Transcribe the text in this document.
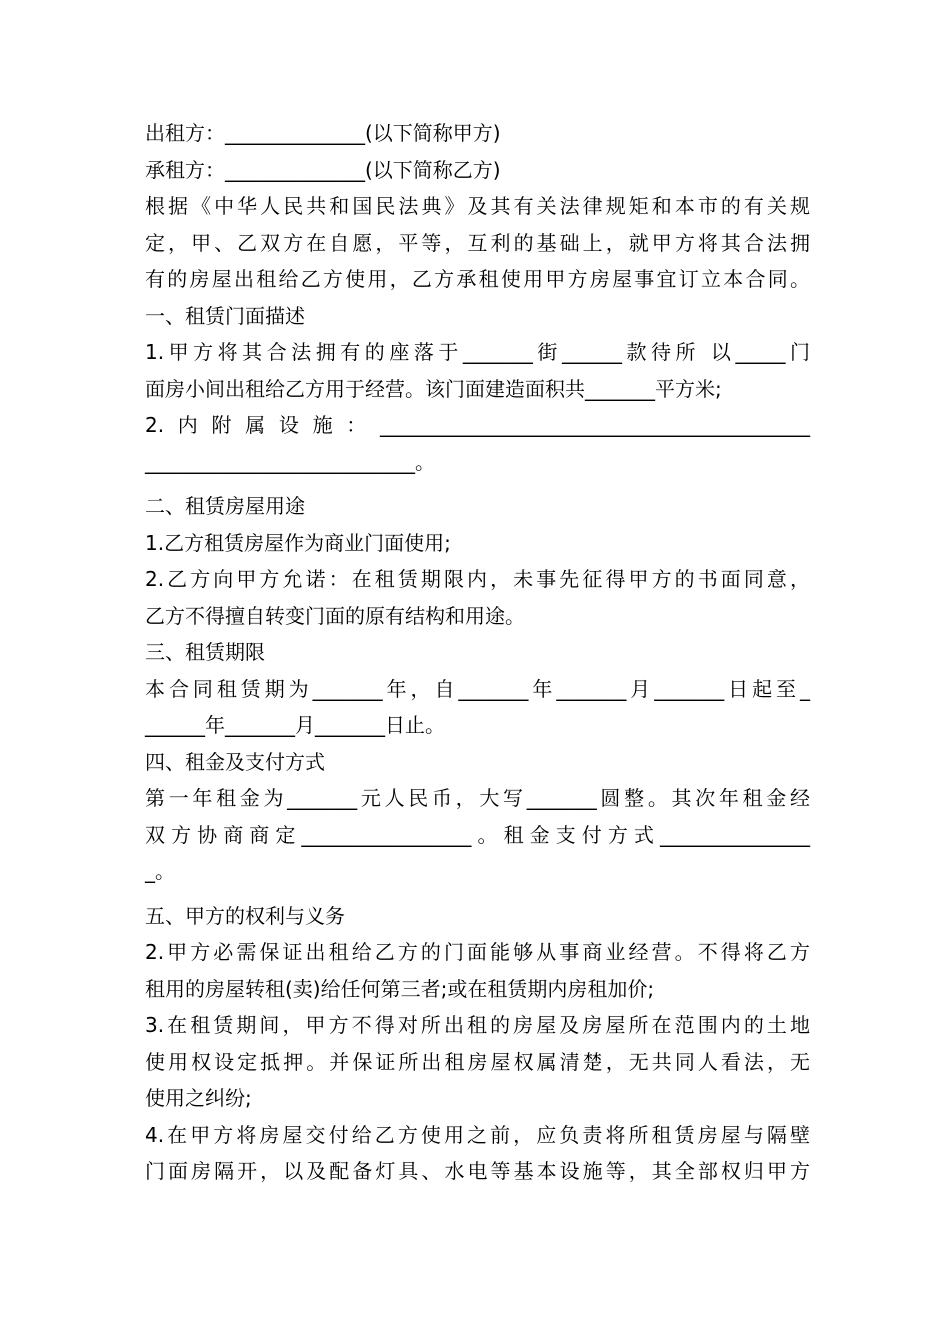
出租方：______________(以下简称甲方)
承租方：______________(以下简称乙方)
根据《中华人民共和国民法典》及其有关法律规矩和本市的有关规
定，甲、乙双方在自愿，平等，互利的基础上，就甲方将其合法拥
有的房屋出租给乙方使用，乙方承租使用甲方房屋事宜订立本合同。
一、租赁门面描述
1.甲方将其合法拥有的座落于_______街______款待所 以_____门
面房小间出租给乙方用于经营。该门面建造面积共_______平方米;
2.内附属设施：___________________________________________
___________________________。
二、租赁房屋用途
1.乙方租赁房屋作为商业门面使用;
2.乙方向甲方允诺：在租赁期限内，未事先征得甲方的书面同意，
乙方不得擅自转变门面的原有结构和用途。
三、租赁期限
本合同租赁期为_______年，自_______年_______月_______日起至_
______年_______月_______日止。
四、租金及支付方式
第一年租金为_______元人民币，大写_______圆整。其次年租金经
双方协商商定_________________。租金支付方式_______________
_。
五、甲方的权利与义务
2.甲方必需保证出租给乙方的门面能够从事商业经营。不得将乙方
租用的房屋转租(卖)给任何第三者;或在租赁期内房租加价;
3.在租赁期间，甲方不得对所出租的房屋及房屋所在范围内的土地
使用权设定抵押。并保证所出租房屋权属清楚，无共同人看法，无
使用之纠纷;
4.在甲方将房屋交付给乙方使用之前，应负责将所租赁房屋与隔壁
门面房隔开，以及配备灯具、水电等基本设施等，其全部权归甲方
